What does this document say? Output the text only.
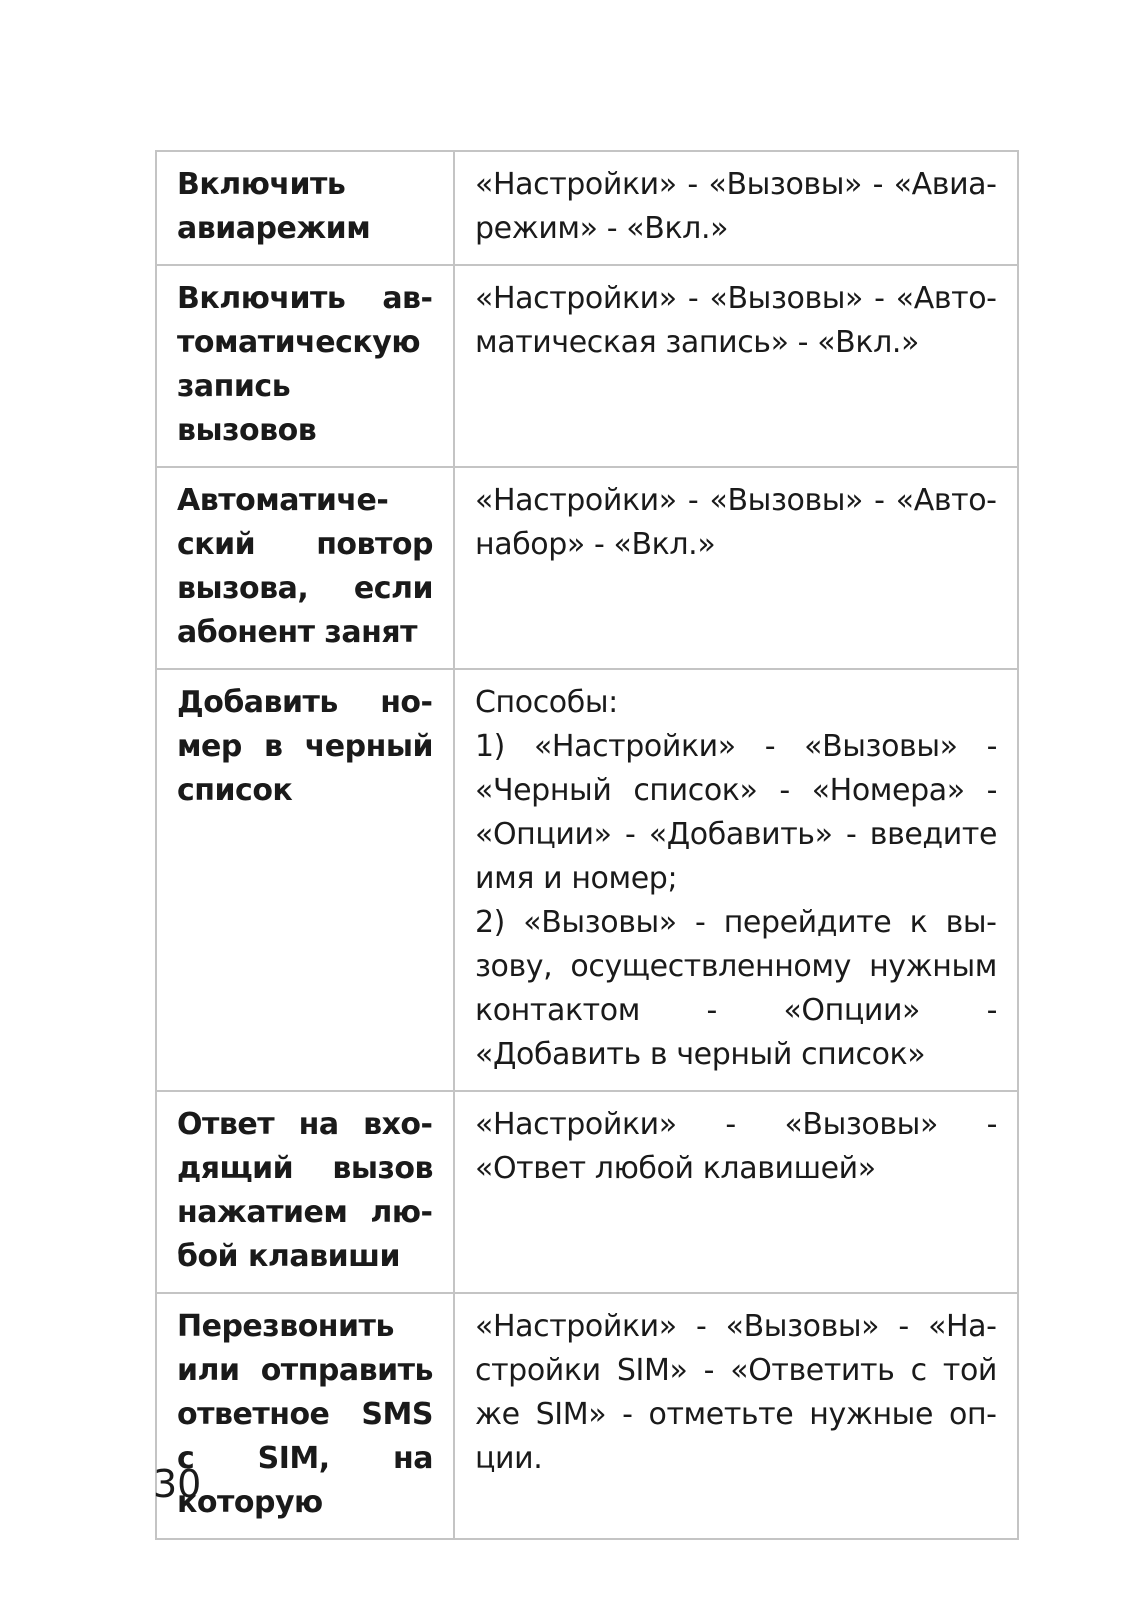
Включить авиарежим	«Настройки» - «Вызовы» - «Авиарежим» - «Вкл.»

Включить автоматическую запись вызовов	«Настройки» - «Вызовы» - «Автоматическая запись» - «Вкл.»

Автоматический повтор вызова, если абонент занят	«Настройки» - «Вызовы» - «Автонабор» - «Вкл.»

Добавить номер в черный список	Способы:
1) «Настройки» - «Вызовы» - «Черный список» - «Номера» - «Опции» - «Добавить» - введите имя и номер;
2) «Вызовы» - перейдите к вызову, осуществленному нужным контактом - «Опции» - «Добавить в черный список»

Ответ на входящий вызов нажатием любой клавиши	«Настройки» - «Вызовы» - «Ответ любой клавишей»

Перезвонить или отправить ответное SMS с SIM, на которую	«Настройки» - «Вызовы» - «Настройки SIM» - «Ответить с той же SIM» - отметьте нужные опции.
30
